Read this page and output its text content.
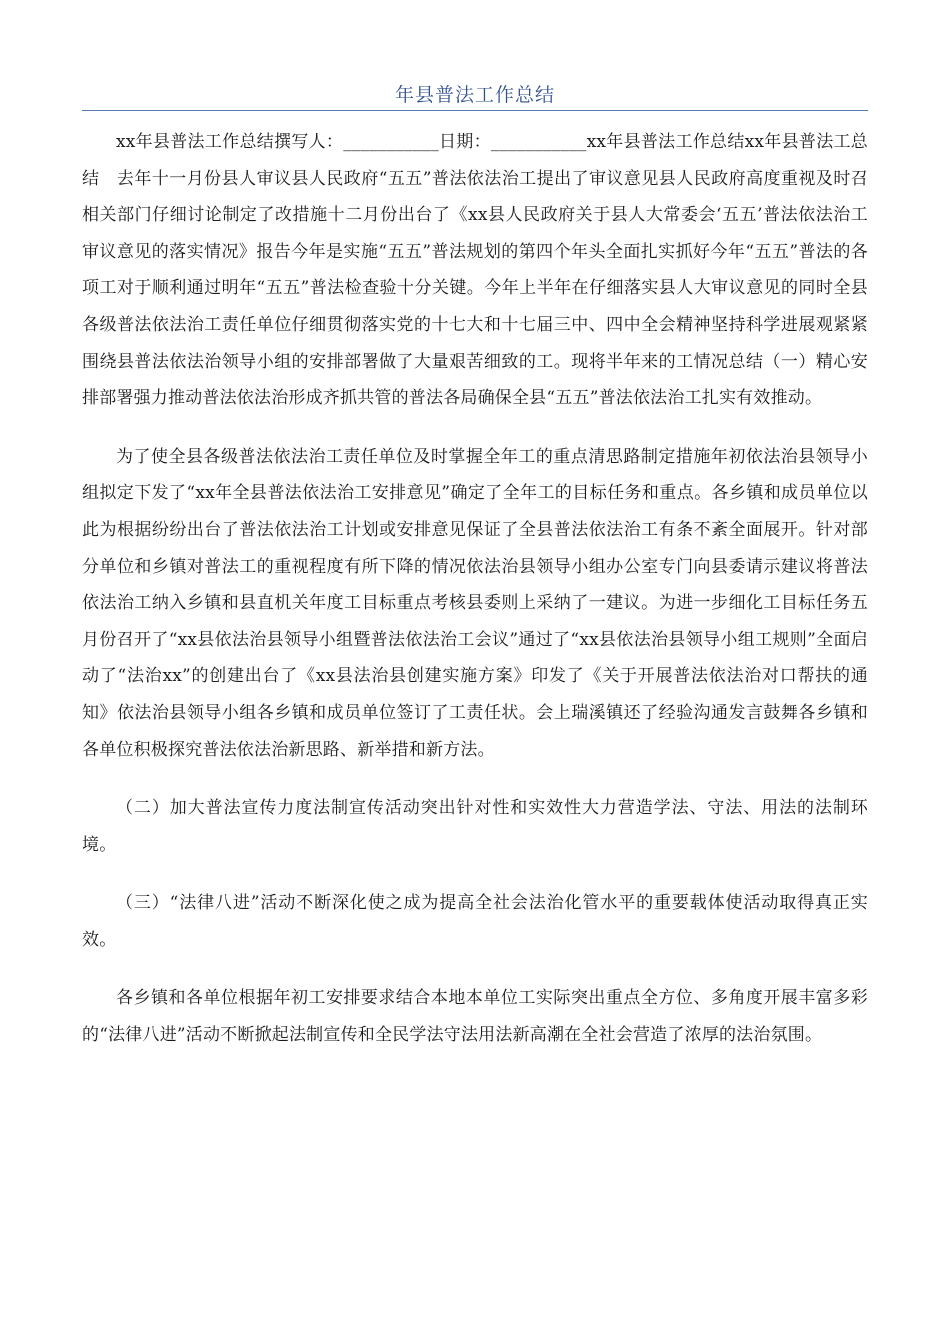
年县普法工作总结

xx年县普法工作总结撰写人：___________日期：___________xx年县普法工作总结xx年县普法工总结　去年十一月份县人审议县人民政府“五五”普法依法治工提出了审议意见县人民政府高度重视及时召相关部门仔细讨论制定了改措施十二月份出台了《xx县人民政府关于县人大常委会‘五五’普法依法治工审议意见的落实情况》报告今年是实施“五五”普法规划的第四个年头全面扎实抓好今年“五五”普法的各项工对于顺利通过明年“五五”普法检查验十分关键。今年上半年在仔细落实县人大审议意见的同时全县各级普法依法治工责任单位仔细贯彻落实党的十七大和十七届三中、四中全会精神坚持科学进展观紧紧围绕县普法依法治领导小组的安排部署做了大量艰苦细致的工。现将半年来的工情况总结（一）精心安排部署强力推动普法依法治形成齐抓共管的普法各局确保全县“五五”普法依法治工扎实有效推动。

为了使全县各级普法依法治工责任单位及时掌握全年工的重点清思路制定措施年初依法治县领导小组拟定下发了“xx年全县普法依法治工安排意见”确定了全年工的目标任务和重点。各乡镇和成员单位以此为根据纷纷出台了普法依法治工计划或安排意见保证了全县普法依法治工有条不紊全面展开。针对部分单位和乡镇对普法工的重视程度有所下降的情况依法治县领导小组办公室专门向县委请示建议将普法依法治工纳入乡镇和县直机关年度工目标重点考核县委则上采纳了一建议。为进一步细化工目标任务五月份召开了“xx县依法治县领导小组暨普法依法治工会议”通过了“xx县依法治县领导小组工规则”全面启动了“法治xx”的创建出台了《xx县法治县创建实施方案》印发了《关于开展普法依法治对口帮扶的通知》依法治县领导小组各乡镇和成员单位签订了工责任状。会上瑞溪镇还了经验沟通发言鼓舞各乡镇和各单位积极探究普法依法治新思路、新举措和新方法。

（二）加大普法宣传力度法制宣传活动突出针对性和实效性大力营造学法、守法、用法的法制环境。

（三）“法律八进”活动不断深化使之成为提高全社会法治化管水平的重要载体使活动取得真正实效。

各乡镇和各单位根据年初工安排要求结合本地本单位工实际突出重点全方位、多角度开展丰富多彩的“法律八进”活动不断掀起法制宣传和全民学法守法用法新高潮在全社会营造了浓厚的法治氛围。
